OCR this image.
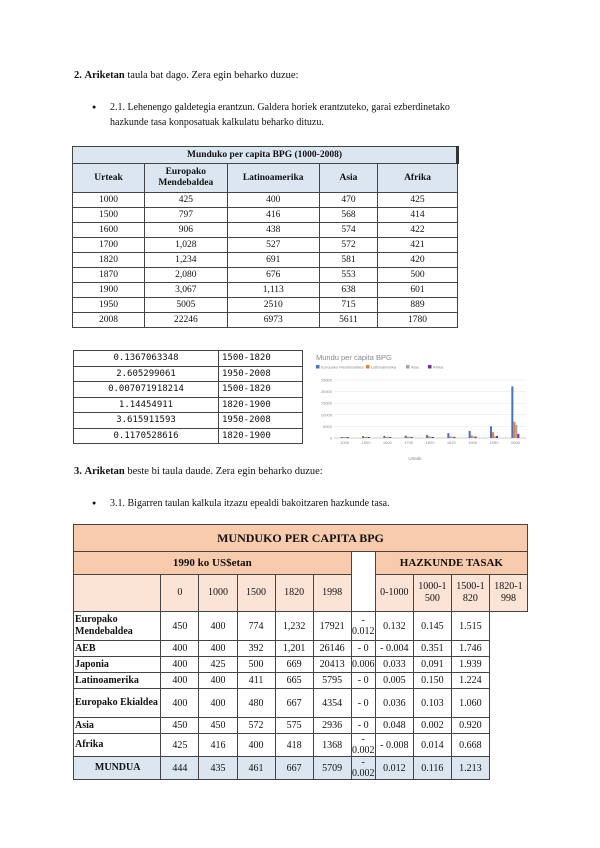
2. Ariketan taula bat dago. Zera egin beharko duzue:
● 2.1. Lehenengo galdetegia erantzun. Galdera horiek erantzuteko, garai ezberdinetako
hazkunde tasa konposatuak kalkulatu beharko dituzu.
Munduko per capita BPG (1000-2008)				
Urteak	Europako Mendebaldea	Latinoamerika	Asia	Afrika
1000	425	400	470	425
1500	797	416	568	414
1600	906	438	574	422
1700	1,028	527	572	421
1820	1,234	691	581	420
1870	2,080	676	553	500
1900	3,067	1,113	638	601
1950	5005	2510	715	889
2008	22246	6973	5611	1780
0.1367063348	1500-1820
2.605299061	1950-2008
0.007071918214	1500-1820
1.14454911	1820-1900
3.615911593	1950-2008
0.1170528616	1820-1900
Mundu per capita BPG
Europako Mendebaldea Latinoamerika	Asia	Afrika
25000
20000
15000
10000
5000
0
1000	1500	1600	1700	1820	1870	1900	1950	2008
Urteak
3. Ariketan beste bi taula daude. Zera egin beharko duzue:
● 3.1. Bigarren taulan kalkula itzazu epealdi bakoitzaren hazkunde tasa.
MUNDUKO PER CAPITA BPG										
1990 ko US$etan							HAZKUNDE TASAK			
	0	1000	1500	1820	1998		0-1000	1000-1 500	1500-1 820	1820-1 998
Europako Mendebaldea	450	400	774	1,232	17921	- 0.012	0.132	0.145	1.515	
AEB	400	400	392	1,201	26146	- 0	- 0.004	0.351	1.746	
Japonia	400	425	500	669	20413	0.006	0.033	0.091	1.939	
Latinoamerika	400	400	411	665	5795	- 0	0.005	0.150	1.224	
Europako Ekialdea	400	400	480	667	4354	- 0	0.036	0.103	1.060	
Asia	450	450	572	575	2936	- 0	0.048	0.002	0.920	
Afrika	425	416	400	418	1368	- 0.002	- 0.008	0.014	0.668	
MUNDUA	444	435	461	667	5709	- 0.002	0.012	0.116	1.213	
